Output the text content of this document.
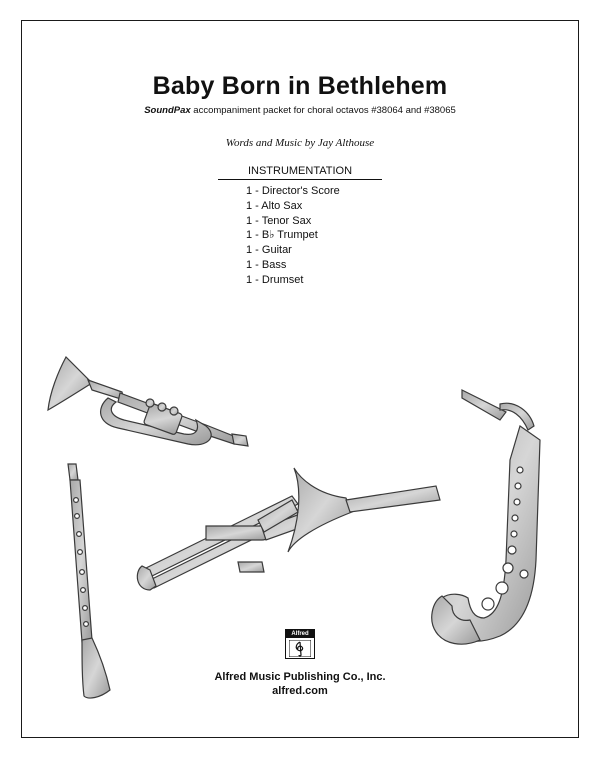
Baby Born in Bethlehem
SoundPax accompaniment packet for choral octavos #38064 and #38065
Words and Music by Jay Althouse
INSTRUMENTATION
1 - Director's Score
1 - Alto Sax
1 - Tenor Sax
1 - B♭ Trumpet
1 - Guitar
1 - Bass
1 - Drumset
Alfred
Alfred Music Publishing Co., Inc.
alfred.com
